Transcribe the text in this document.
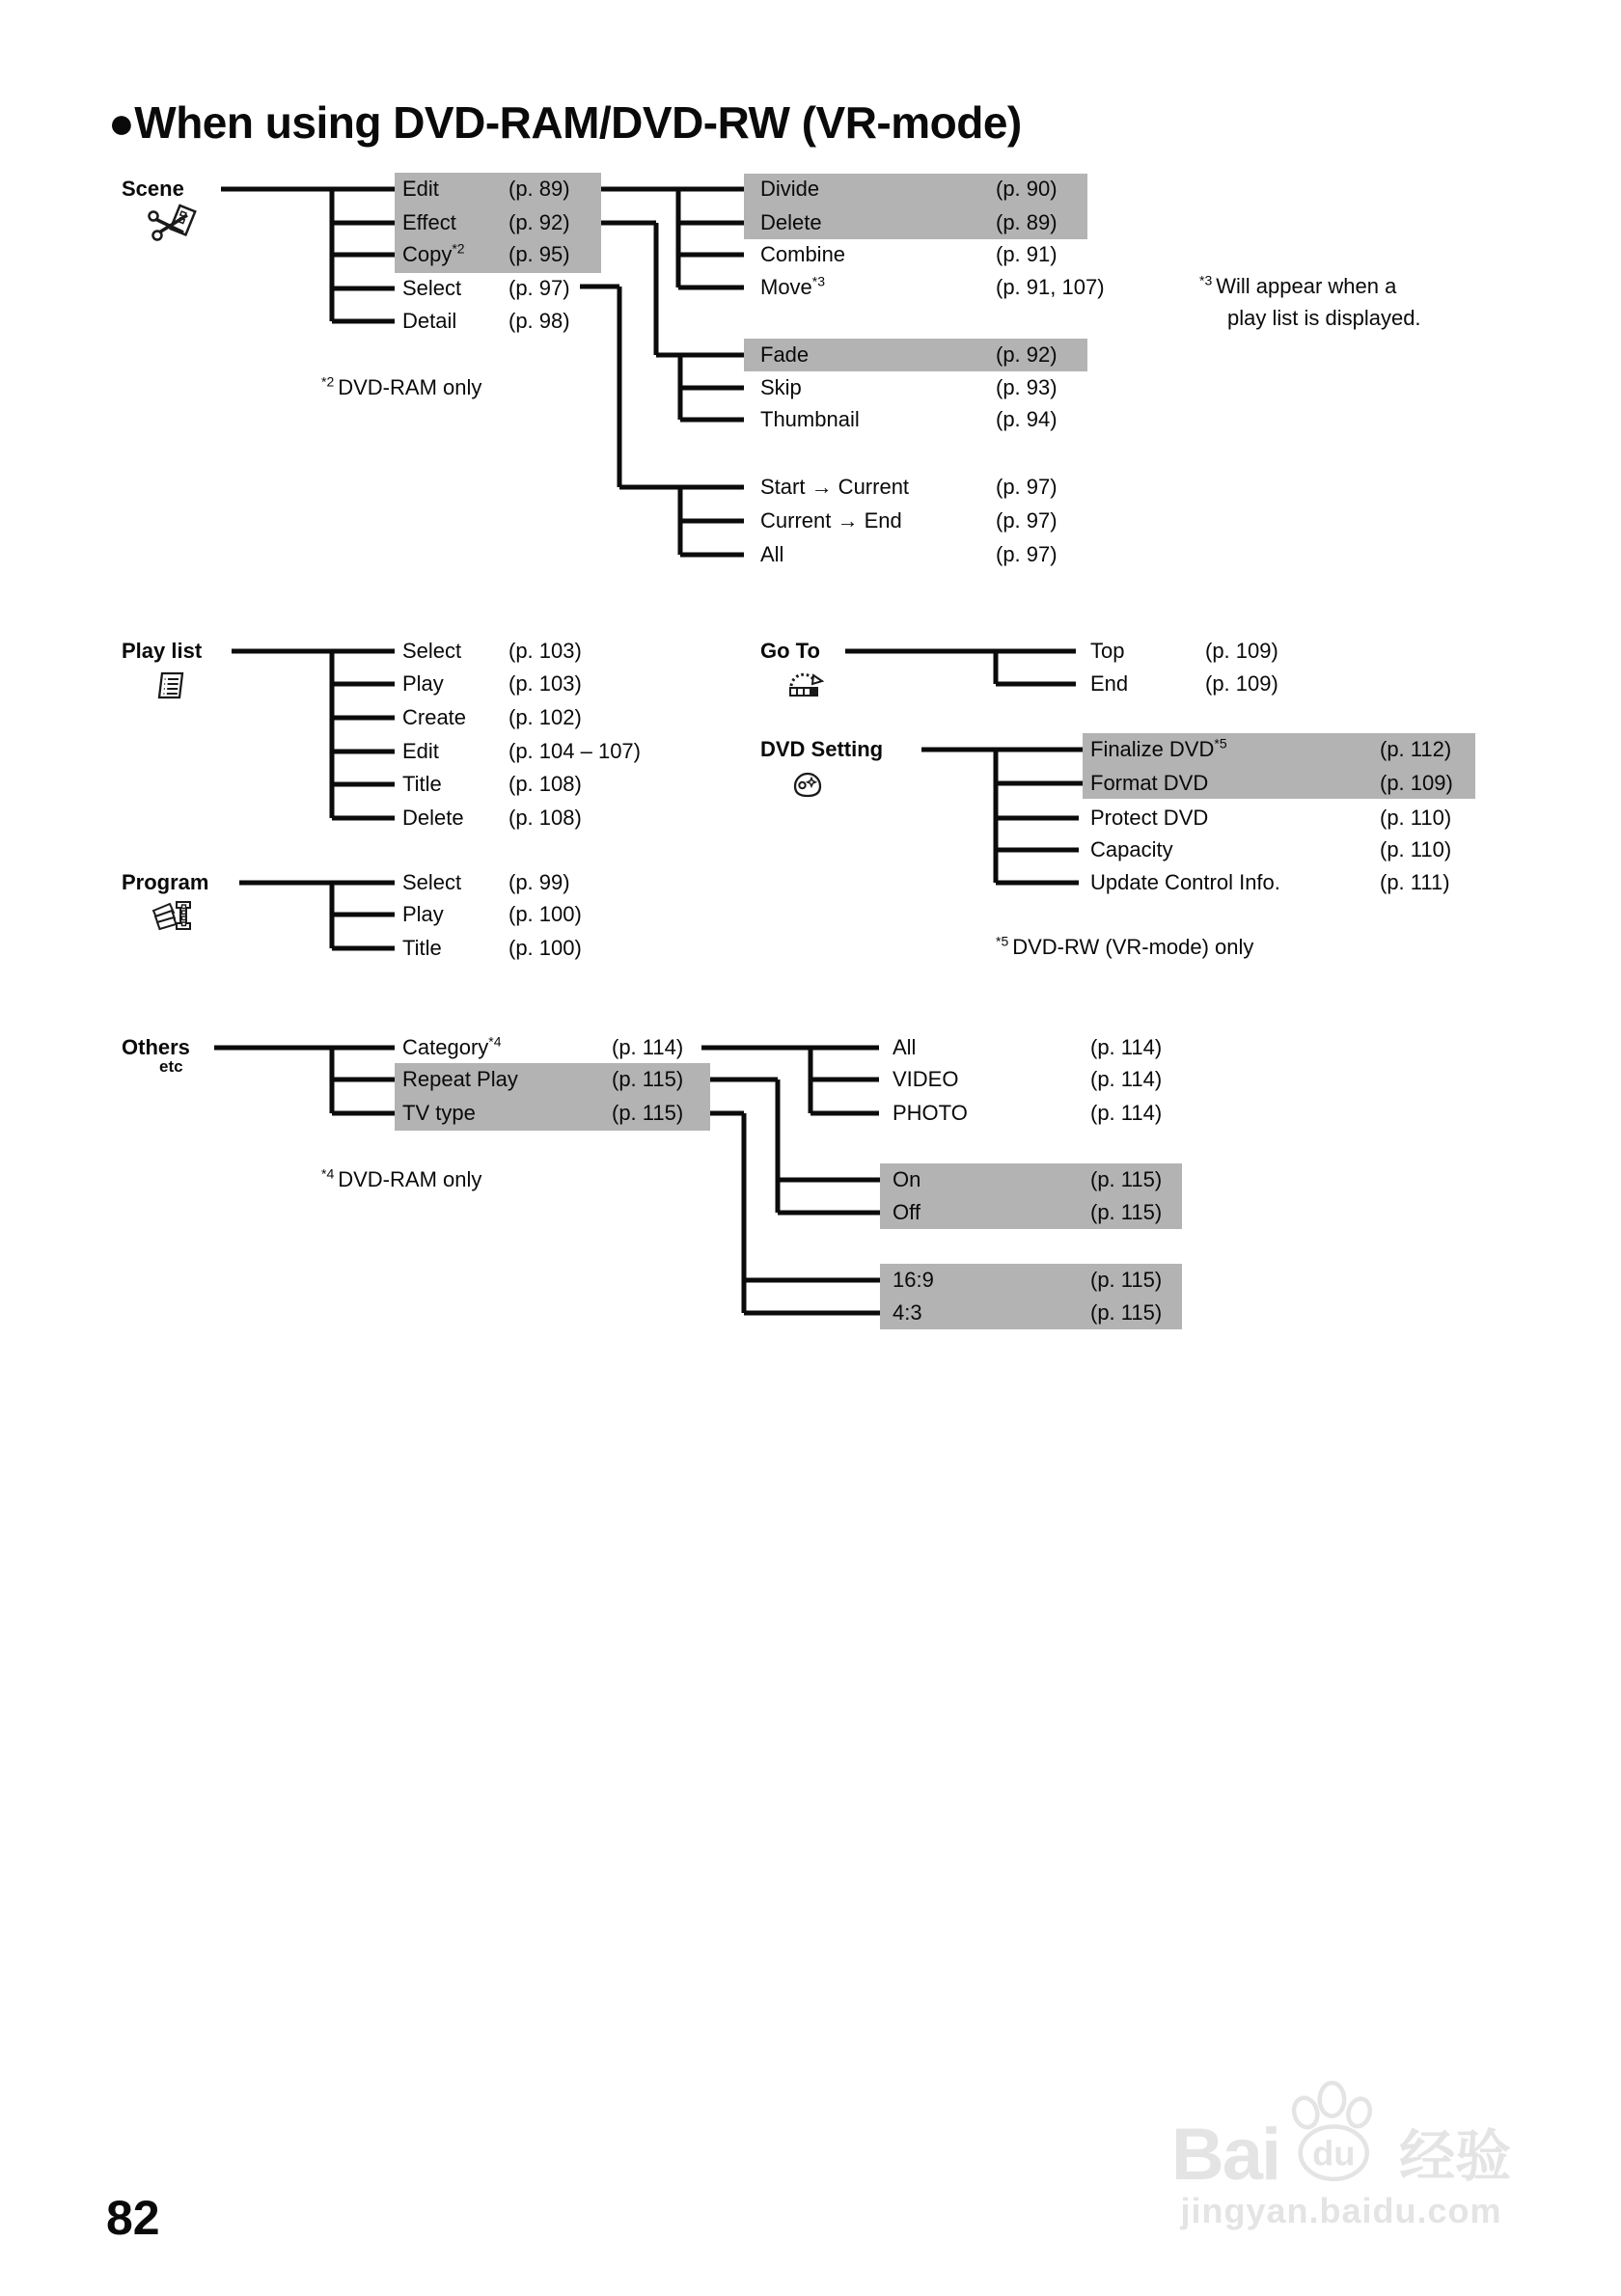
●When using DVD-RAM/DVD-RW (VR-mode)
Scene	Edit	(p. 89)
Effect (p. 92)
Copy$^{*2}$ (p. 95)
Select (p. 97)
Detail (p. 98)
Divide	(p. 90)
Delete	(p. 89)
Combine	(p. 91)
Move$^{*3}$	(p. 91, 107)
Fade	(p. 92)
Skip	(p. 93)
Thumbnail	(p. 94)
Start → Current	(p. 97)
Current → End	(p. 97)
All	(p. 97)
$^{*2}$ DVD-RAM only
$^{*3}$ Will appear when a
play list is displayed.
Play list	Select (p. 103)
Play	(p. 103)
Create (p. 102)
Edit	(p. 104 – 107)
Title	(p. 108)
Delete (p. 108)
Go To	Top	(p. 109)
End	(p. 109)
DVD Setting	Finalize DVD$^{*5}$	(p. 112)
Format DVD	(p. 109)
Protect DVD	(p. 110)
Capacity	(p. 110)
Update Control Info.	(p. 111)
$^{*5}$ DVD-RW (VR-mode) only
Program	Select (p. 99)
Play	(p. 100)
Title	(p. 100)
Others
etc
Category$^{*4}$	(p. 114)
Repeat Play	(p. 115)
TV type	(p. 115)
$^{*4}$ DVD-RAM only
All	(p. 114)
VIDEO	(p. 114)
PHOTO	(p. 114)
On	(p. 115)
Off	(p. 115)
16:9	(p. 115)
4:3	(p. 115)
Bai du 经验
jingyan.baidu.com
82
